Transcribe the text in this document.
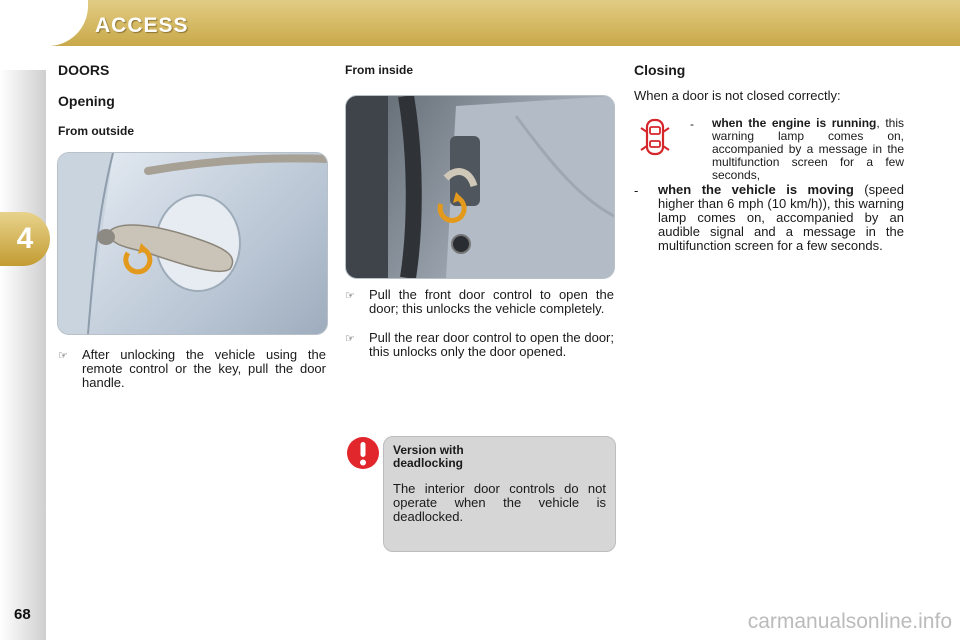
ACCESS
4
68
DOORS
Opening
From outside
☞ After unlocking the vehicle using the remote control or the key, pull the door handle.
From inside
☞ Pull the front door control to open the door; this unlocks the vehicle completely.
☞ Pull the rear door control to open the door; this unlocks only the door opened.
Version with deadlocking
The interior door controls do not operate when the vehicle is deadlocked.
Closing
When a door is not closed correctly:
- when the engine is running, this warning lamp comes on, accompanied by a message in the multifunction screen for a few seconds,
- when the vehicle is moving (speed higher than 6 mph (10 km/h)), this warning lamp comes on, accompanied by an audible signal and a message in the multifunction screen for a few seconds.
carmanualsonline.info
